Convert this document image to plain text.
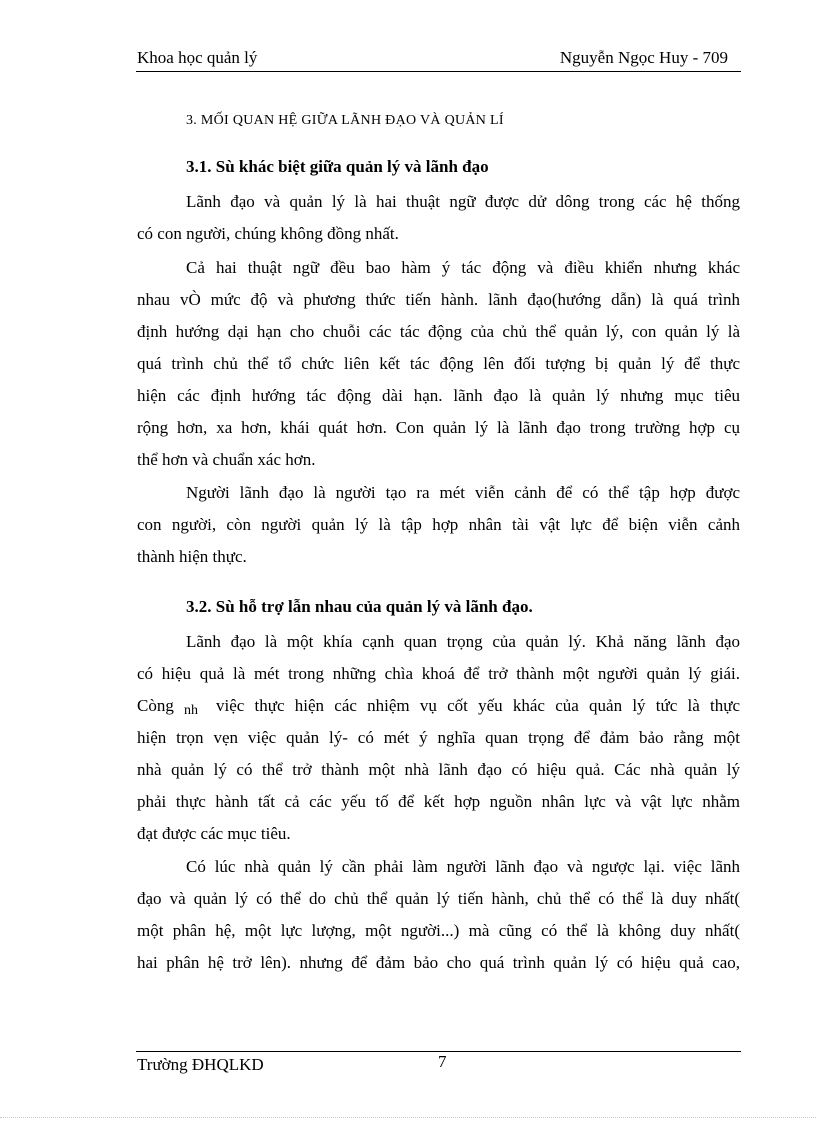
Khoa học quản lý	Nguyễn Ngọc Huy - 709
3. MỐI QUAN HỆ GIỮA LÃNH ĐẠO VÀ QUẢN LÍ
3.1. Sù khác biệt giữa quản lý và lãnh đạo
Lãnh đạo và quản lý là hai thuật ngữ được dử dông trong các hệ thống
có con người, chúng không đồng nhất.
Cả hai thuật ngữ đều bao hàm ý tác động và điều khiển nhưng khác
nhau vÒ mức độ và phương thức tiến hành. lãnh đạo(hướng dẫn) là quá trình
định hướng dại hạn cho chuỗi các tác động của chủ thể quản lý, con quản lý là
quá trình chủ thể tổ chức liên kết tác động lên đối tượng bị quản lý để thực
hiện các định hướng tác động dài hạn. lãnh đạo là quản lý nhưng mục tiêu
rộng hơn, xa hơn, khái quát hơn. Con quản lý là lãnh đạo trong trường hợp cụ
thể hơn và chuẩn xác hơn.
Người lãnh đạo là người tạo ra mét viễn cảnh để có thể tập hợp được
con người, còn người quản lý là tập hợp nhân tài vật lực để biện viễn cảnh
thành hiện thực.
3.2. Sù hỗ trợ lẫn nhau của quản lý và lãnh đạo.
Lãnh đạo là một khía cạnh quan trọng của quản lý. Khả năng lãnh đạo
có hiệu quả là mét trong những chìa khoá để trở thành một người quản lý giái.
Còng nh việc thực hiện các nhiệm vụ cốt yếu khác của quản lý tức là thực
hiện trọn vẹn việc quản lý- có mét ý nghĩa quan trọng để đảm bảo rằng một
nhà quản lý có thể trở thành một nhà lãnh đạo có hiệu quả. Các nhà quản lý
phải thực hành tất cả các yếu tố để kết hợp nguồn nhân lực và vật lực nhằm
đạt được các mục tiêu.
Có lúc nhà quản lý cần phải làm người lãnh đạo và ngược lại. việc lãnh
đạo và quản lý có thể do chủ thể quản lý tiến hành, chủ thể có thể là duy nhất(
một phân hệ, một lực lượng, một người...) mà cũng có thể là không duy nhất(
hai phân hệ trở lên). nhưng để đảm bảo cho quá trình quản lý có hiệu quả cao,
Trường ĐHQLKD	7
